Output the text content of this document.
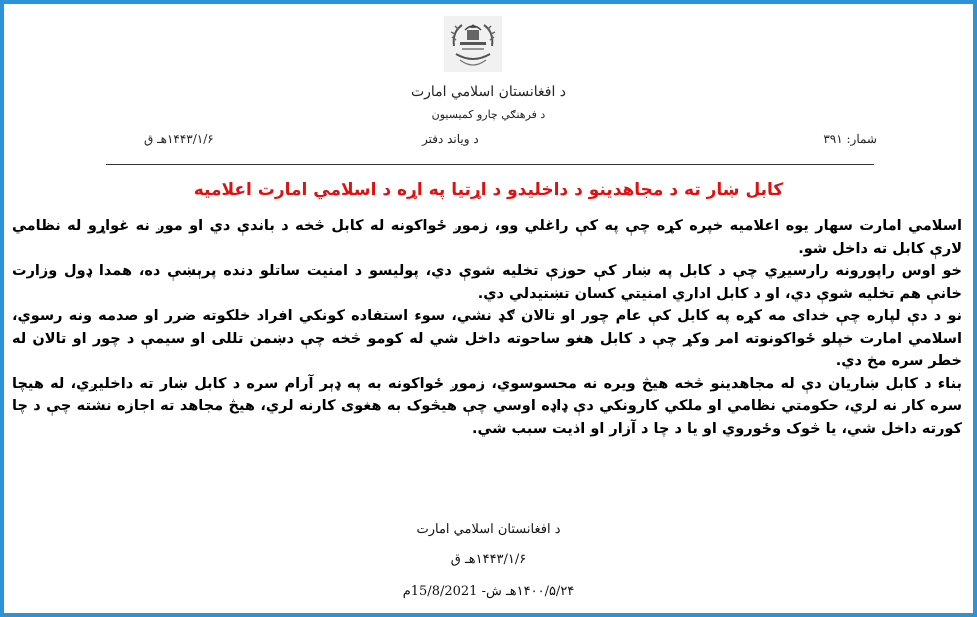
د افغانستان اسلامي امارت
د فرهنګي چارو کمیسیون
شمار: ۳۹۱
د ویاند دفتر
۱۴۴۳/۱/۶هـ ق
کابل ښار ته د مجاهدینو د داخلیدو د اړتیا په اړه د اسلامي امارت اعلامیه

اسلامي امارت سهار یوه اعلامیه خپره کړه چې په کې راغلي وو، زموږ ځواکونه له کابل څخه د باندې دي او موږ نه غواړو له نظامي لارې کابل ته داخل شو.

خو اوس راپورونه رارسیږي چې د کابل په ښار کې حوزې تخلیه شوې دي، پولیسو د امنیت ساتلو دنده پرېښې ده، همدا ډول وزارت خانې هم تخلیه شوې دي، او د کابل اداري امنیتي کسان تښتیدلي دي.

نو د دې لپاره چې خدای مه کړه په کابل کې عام چور او تالان ګډ نشي، سوء استفاده کونکي افراد خلکوته ضرر او صدمه ونه رسوي، اسلامي امارت خپلو ځواکونوته امر وکړ چې د کابل هغو ساحوته داخل شي له کومو څخه چې دښمن تللی او سیمې د چور او تالان له خطر سره مخ دي.

بناء د کابل ښاریان دې له مجاهدینو څخه هیڅ ویره نه محسوسوي، زموږ ځواکونه به په ډېر آرام سره د کابل ښار ته داخلیږي، له هیچا سره کار نه لري، حکومتي نظامي او ملکي کارونکي دې ډاډه اوسي چې هیڅوک به هغوی کارنه لري، هیڅ مجاهد ته اجازه نشته چې د چا کورته داخل شي، یا څوک وځوروي او یا د چا د آزار او اذیت سبب شي.

د افغانستان اسلامي امارت
۱۴۴۳/۱/۶هـ ق
۱۴۰۰/۵/۲۴هـ ش- 15/8/2021م
